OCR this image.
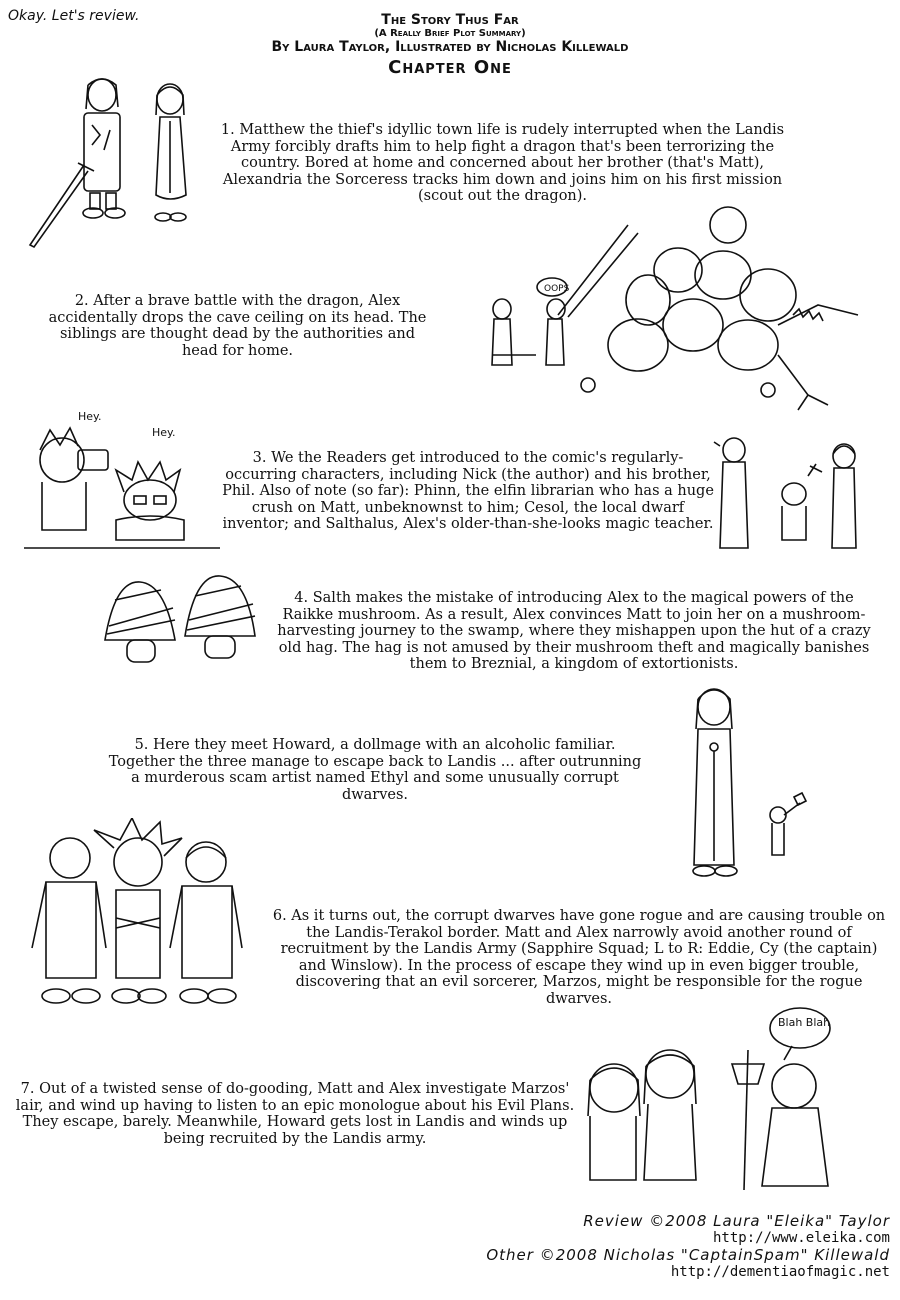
Okay. Let's review.	The Story Thus Far
(A Really Brief Plot Summary)
By Laura Taylor, Illustrated by Nicholas Killewald
Chapter One
1. Matthew the thief's idyllic town life is rudely interrupted when the Landis Army forcibly drafts him to help fight a dragon that's been terrorizing the country. Bored at home and concerned about her brother (that's Matt), Alexandria the Sorceress tracks him down and joins him on his first mission (scout out the dragon).
2. After a brave battle with the dragon, Alex accidentally drops the cave ceiling on its head. The siblings are thought dead by the authorities and head for home.
3. We the Readers get introduced to the comic's regularly-occurring characters, including Nick (the author) and his brother, Phil. Also of note (so far): Phinn, the elfin librarian who has a huge crush on Matt, unbeknownst to him; Cesol, the local dwarf inventor; and Salthalus, Alex's older-than-she-looks magic teacher.
4. Salth makes the mistake of introducing Alex to the magical powers of the Raikke mushroom. As a result, Alex convinces Matt to join her on a mushroom-harvesting journey to the swamp, where they mishappen upon the hut of a crazy old hag. The hag is not amused by their mushroom theft and magically banishes them to Breznial, a kingdom of extortionists.
5. Here they meet Howard, a dollmage with an alcoholic familiar. Together the three manage to escape back to Landis ... after outrunning a murderous scam artist named Ethyl and some unusually corrupt dwarves.
6. As it turns out, the corrupt dwarves have gone rogue and are causing trouble on the Landis-Terakol border. Matt and Alex narrowly avoid another round of recruitment by the Landis Army (Sapphire Squad; L to R: Eddie, Cy (the captain) and Winslow). In the process of escape they wind up in even bigger trouble, discovering that an evil sorcerer, Marzos, might be responsible for the rogue dwarves.
7. Out of a twisted sense of do-gooding, Matt and Alex investigate Marzos' lair, and wind up having to listen to an epic monologue about his Evil Plans. They escape, barely. Meanwhile, Howard gets lost in Landis and winds up being recruited by the Landis army.
OOPS
Hey.
Hey.
Blah Blah
Review ©2008 Laura "Eleika" Taylor
http://www.eleika.com
Other ©2008 Nicholas "CaptainSpam" Killewald
http://dementiaofmagic.net
